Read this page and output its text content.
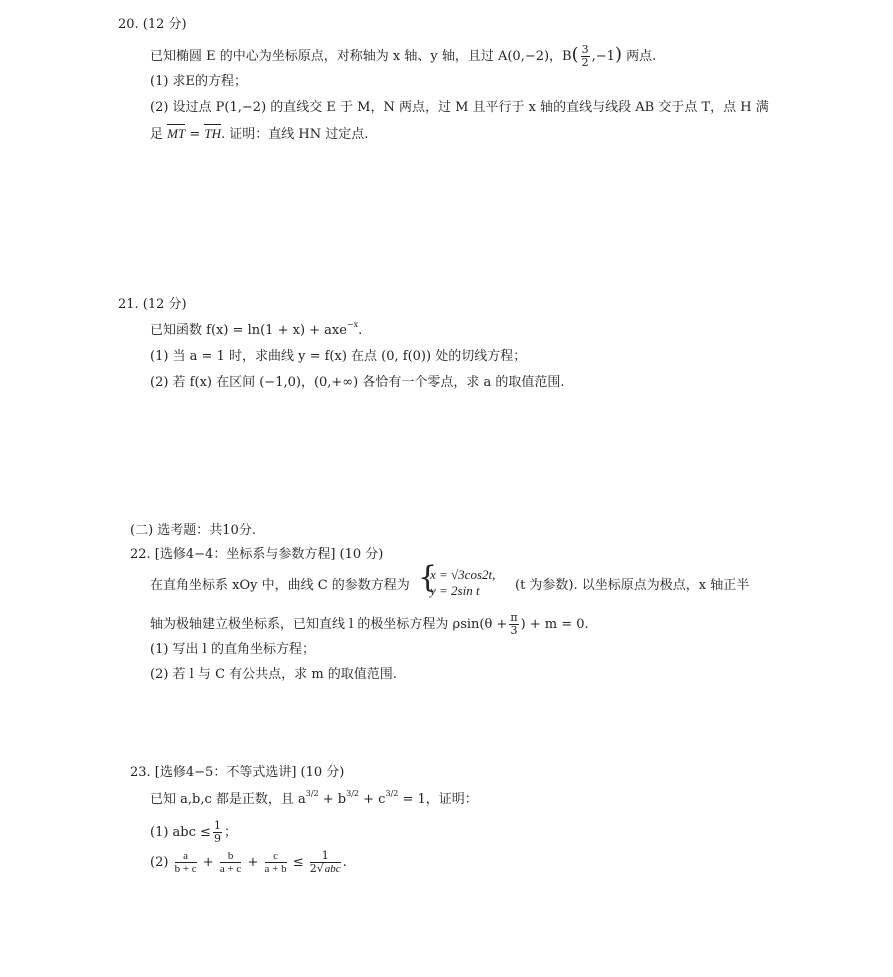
20. (12 分)
已知椭圆 E 的中心为坐标原点，对称轴为 x 轴、y 轴，且过 A(0,−2)，$B( \frac{3}{2} ,-1)$ 两点.
(1) 求E的方程；
(2) 设过点 P(1,−2) 的直线交 E 于 M，N 两点，过 M 且平行于 x 轴的直线与线段 AB 交于点 T，点 H 满
足 MT = TH. 证明：直线 HN 过定点.
21. (12 分)
已知函数 f(x) = ln(1 + x) + axe$^{-x}$.
(1) 当 a = 1 时，求曲线 y = f(x) 在点 (0, f(0)) 处的切线方程；
(2) 若 f(x) 在区间 (−1,0)，(0,+∞) 各恰有一个零点，求 a 的取值范围.
(二) 选考题：共10分.
22. [选修4−4：坐标系与参数方程] (10 分)
在直角坐标系 xOy 中，曲线 C 的参数方程为 {
x = √3cos2t,
y = 2sin t	(t 为参数). 以坐标原点为极点，x 轴正半
轴为极轴建立极坐标系，已知直线 l 的极坐标方程为 $\rho\sin(\theta + \frac{\pi}{3}$ ) + m = 0.
(1) 写出 l 的直角坐标方程；
(2) 若 l 与 C 有公共点，求 m 的取值范围.
23. [选修4−5：不等式选讲] (10 分)
已知 a,b,c 都是正数，且 $a^{3/2} + b^{3/2} + c^{3/2} = 1$，证明：
(1) abc ≤ $\frac{1}{9}$ ；
$(2) \frac{a}{b + c} + \frac{b}{a + c} + \frac{c}{a + b} \le \frac{1}{\text{2√abc}}$ .
